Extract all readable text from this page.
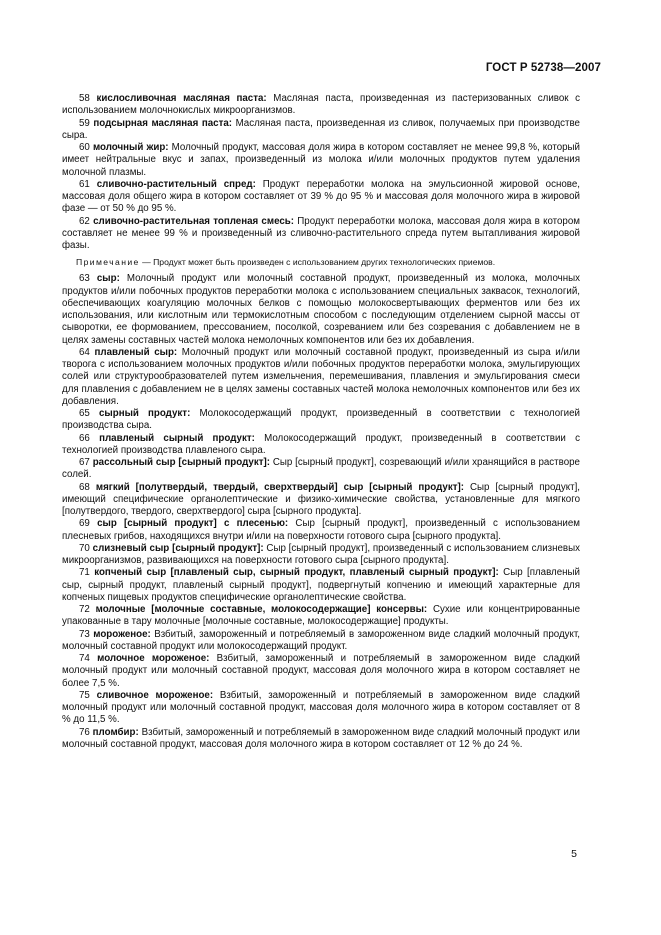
ГОСТ Р 52738—2007

58 кислосливочная масляная паста: Масляная паста, произведенная из пастеризованных сливок с использованием молочнокислых микроорганизмов.

59 подсырная масляная паста: Масляная паста, произведенная из сливок, получаемых при производстве сыра.

60 молочный жир: Молочный продукт, массовая доля жира в котором составляет не менее 99,8 %, который имеет нейтральные вкус и запах, произведенный из молока и/или молочных продуктов путем удаления молочной плазмы.

61 сливочно-растительный спред: Продукт переработки молока на эмульсионной жировой основе, массовая доля общего жира в котором составляет от 39 % до 95 % и массовая доля молочного жира в жировой фазе — от 50 % до 95 %.

62 сливочно-растительная топленая смесь: Продукт переработки молока, массовая доля жира в котором составляет не менее 99 % и произведенный из сливочно-растительного спреда путем вытапливания жировой фазы.

Примечание — Продукт может быть произведен с использованием других технологических приемов.

63 сыр: Молочный продукт или молочный составной продукт, произведенный из молока, молочных продуктов и/или побочных продуктов переработки молока с использованием специальных заквасок, технологий, обеспечивающих коагуляцию молочных белков с помощью молокосвертывающих ферментов или без их использования, или кислотным или термокислотным способом с последующим отделением сырной массы от сыворотки, ее формованием, прессованием, посолкой, созреванием или без созревания с добавлением не в целях замены составных частей молока немолочных компонентов или без их добавления.

64 плавленый сыр: Молочный продукт или молочный составной продукт, произведенный из сыра и/или творога с использованием молочных продуктов и/или побочных продуктов переработки молока, эмульгирующих солей или структурообразователей путем измельчения, перемешивания, плавления и эмульгирования смеси для плавления с добавлением не в целях замены составных частей молока немолочных компонентов или без их добавления.

65 сырный продукт: Молокосодержащий продукт, произведенный в соответствии с технологией производства сыра.

66 плавленый сырный продукт: Молокосодержащий продукт, произведенный в соответствии с технологией производства плавленого сыра.

67 рассольный сыр [сырный продукт]: Сыр [сырный продукт], созревающий и/или хранящийся в растворе солей.

68 мягкий [полутвердый, твердый, сверхтвердый] сыр [сырный продукт]: Сыр [сырный продукт], имеющий специфические органолептические и физико-химические свойства, установленные для мягкого [полутвердого, твердого, сверхтвердого] сыра [сырного продукта].

69 сыр [сырный продукт] с плесенью: Сыр [сырный продукт], произведенный с использованием плесневых грибов, находящихся внутри и/или на поверхности готового сыра [сырного продукта].

70 слизневый сыр [сырный продукт]: Сыр [сырный продукт], произведенный с использованием слизневых микроорганизмов, развивающихся на поверхности готового сыра [сырного продукта].

71 копченый сыр [плавленый сыр, сырный продукт, плавленый сырный продукт]: Сыр [плавленый сыр, сырный продукт, плавленый сырный продукт], подвергнутый копчению и имеющий характерные для копченых пищевых продуктов специфические органолептические свойства.

72 молочные [молочные составные, молокосодержащие] консервы: Сухие или концентрированные упакованные в тару молочные [молочные составные, молокосодержащие] продукты.

73 мороженое: Взбитый, замороженный и потребляемый в замороженном виде сладкий молочный продукт, молочный составной продукт или молокосодержащий продукт.

74 молочное мороженое: Взбитый, замороженный и потребляемый в замороженном виде сладкий молочный продукт или молочный составной продукт, массовая доля молочного жира в котором составляет не более 7,5 %.

75 сливочное мороженое: Взбитый, замороженный и потребляемый в замороженном виде сладкий молочный продукт или молочный составной продукт, массовая доля молочного жира в котором составляет от 8 % до 11,5 %.

76 пломбир: Взбитый, замороженный и потребляемый в замороженном виде сладкий молочный продукт или молочный составной продукт, массовая доля молочного жира в котором составляет от 12 % до 24 %.

5
